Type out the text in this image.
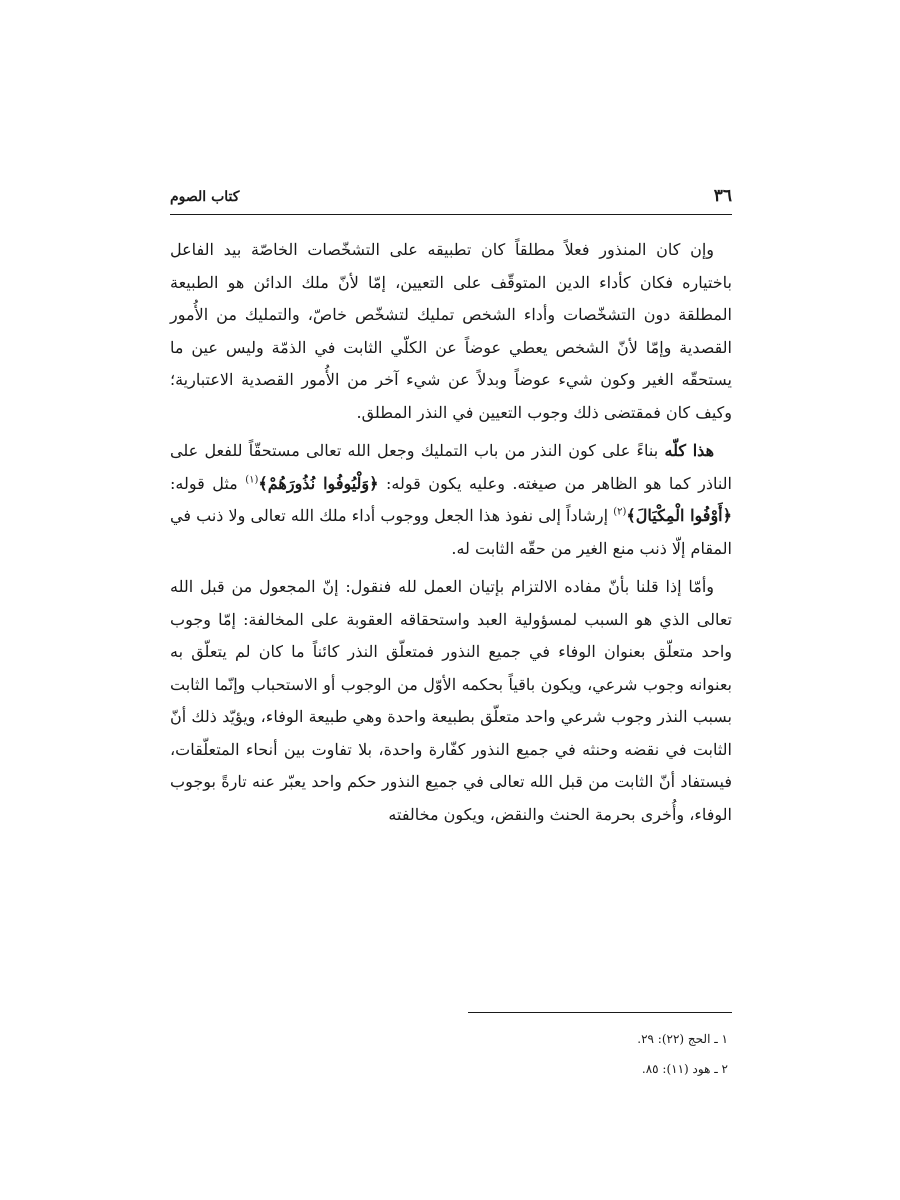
٣٦
كتاب الصوم

وإن كان المنذور فعلاً مطلقاً كان تطبيقه على التشخّصات الخاصّة بيد الفاعل باختياره فكان كأداء الدين المتوقّف على التعيين، إمّا لأنّ ملك الدائن هو الطبيعة المطلقة دون التشخّصات وأداء الشخص تمليك لتشخّص خاصّ، والتمليك من الأُمور القصدية وإمّا لأنّ الشخص يعطي عوضاً عن الكلّي الثابت في الذمّة وليس عين ما يستحقّه الغير وكون شيء عوضاً وبدلاً عن شيء آخر من الأُمور القصدية الاعتبارية؛ وكيف كان فمقتضى ذلك وجوب التعيين في النذر المطلق.

هذا كلّه بناءً على كون النذر من باب التمليك وجعل الله تعالى مستحقّاً للفعل على الناذر كما هو الظاهر من صيغته. وعليه يكون قوله: ﴿وَلْيُوفُوا نُذُورَهُمْ﴾$^{(١)}$ مثل قوله: ﴿أَوْفُوا الْمِكْيَالَ﴾$^{(٢)}$ إرشاداً إلى نفوذ هذا الجعل ووجوب أداء ملك الله تعالى ولا ذنب في المقام إلّا ذنب منع الغير من حقّه الثابت له.

وأمّا إذا قلنا بأنّ مفاده الالتزام بإتيان العمل لله فنقول: إنّ المجعول من قبل الله تعالى الذي هو السبب لمسؤولية العبد واستحقاقه العقوبة على المخالفة: إمّا وجوب واحد متعلّق بعنوان الوفاء في جميع النذور فمتعلّق النذر كائناً ما كان لم يتعلّق به بعنوانه وجوب شرعي، ويكون باقياً بحكمه الأوّل من الوجوب أو الاستحباب وإنّما الثابت بسبب النذر وجوب شرعي واحد متعلّق بطبيعة واحدة وهي طبيعة الوفاء، ويؤيّد ذلك أنّ الثابت في نقضه وحنثه في جميع النذور كفّارة واحدة، بلا تفاوت بين أنحاء المتعلّقات، فيستفاد أنّ الثابت من قبل الله تعالى في جميع النذور حكم واحد يعبّر عنه تارةً بوجوب الوفاء، وأُخرى بحرمة الحنث والنقض، ويكون مخالفته

١ ـ الحج (٢٢): ٢٩.

٢ ـ هود (١١): ٨٥.
